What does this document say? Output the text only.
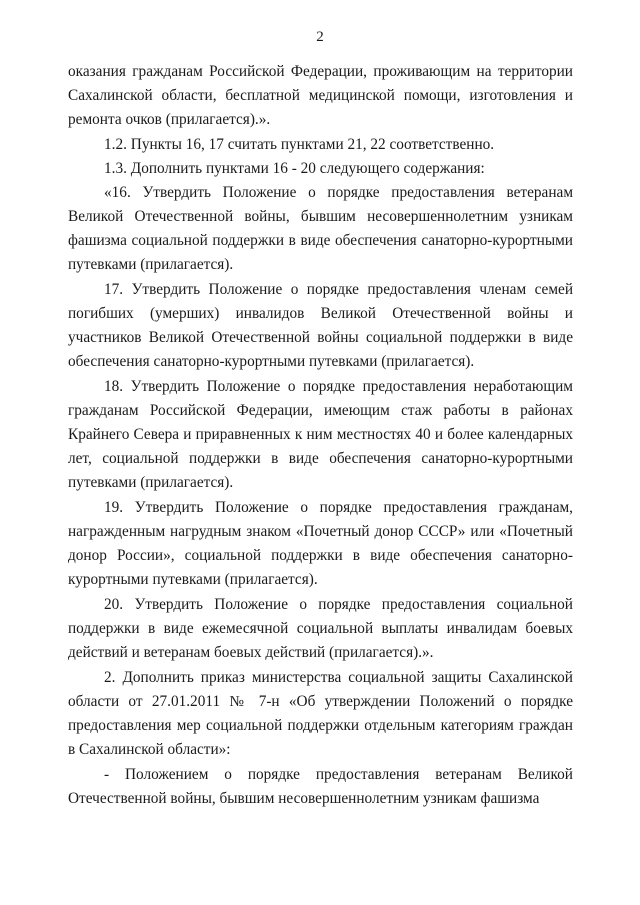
2

оказания гражданам Российской Федерации, проживающим на территории Сахалинской области, бесплатной медицинской помощи, изготовления и ремонта очков (прилагается).».

1.2. Пункты 16, 17 считать пунктами 21, 22 соответственно.

1.3. Дополнить пунктами 16 - 20 следующего содержания:

«16. Утвердить Положение о порядке предоставления ветеранам Великой Отечественной войны, бывшим несовершеннолетним узникам фашизма социальной поддержки в виде обеспечения санаторно-курортными путевками (прилагается).

17. Утвердить Положение о порядке предоставления членам семей погибших (умерших) инвалидов Великой Отечественной войны и участников Великой Отечественной войны социальной поддержки в виде обеспечения санаторно-курортными путевками (прилагается).

18. Утвердить Положение о порядке предоставления неработающим гражданам Российской Федерации, имеющим стаж работы в районах Крайнего Севера и приравненных к ним местностях 40 и более календарных лет, социальной поддержки в виде обеспечения санаторно-курортными путевками (прилагается).

19. Утвердить Положение о порядке предоставления гражданам, награжденным нагрудным знаком «Почетный донор СССР» или «Почетный донор России», социальной поддержки в виде обеспечения санаторно-курортными путевками (прилагается).

20. Утвердить Положение о порядке предоставления социальной поддержки в виде ежемесячной социальной выплаты инвалидам боевых действий и ветеранам боевых действий (прилагается).».

2. Дополнить приказ министерства социальной защиты Сахалинской области от 27.01.2011 № 7-н «Об утверждении Положений о порядке предоставления мер социальной поддержки отдельным категориям граждан в Сахалинской области»:

- Положением о порядке предоставления ветеранам Великой Отечественной войны, бывшим несовершеннолетним узникам фашизма
